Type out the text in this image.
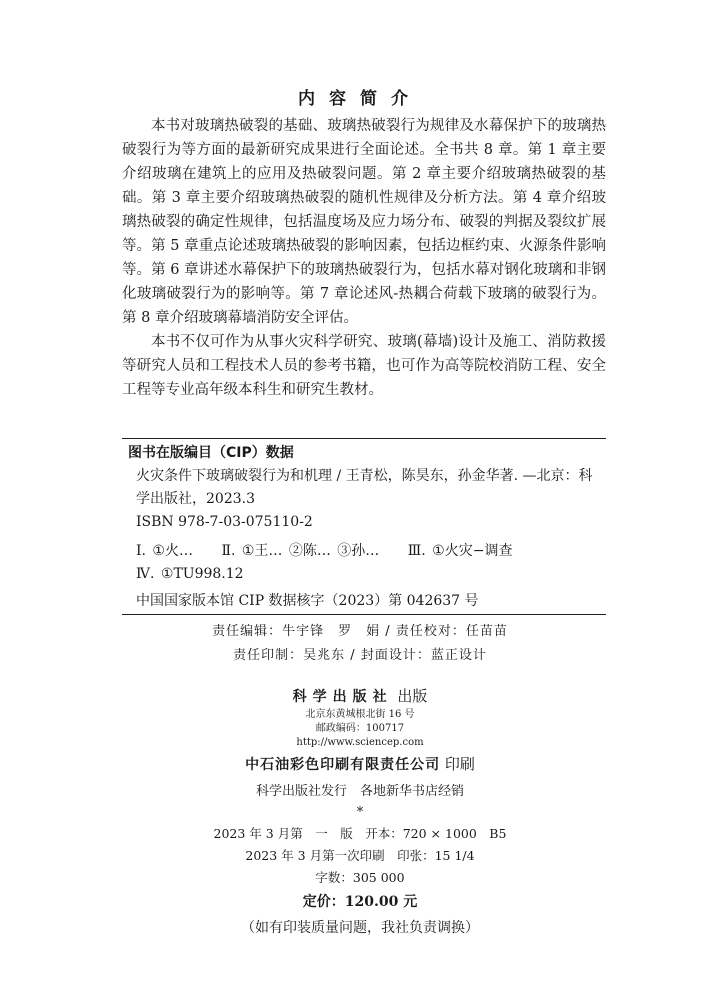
内容简介

本书对玻璃热破裂的基础、玻璃热破裂行为规律及水幕保护下的玻璃热破裂行为等方面的最新研究成果进行全面论述。全书共 8 章。第 1 章主要介绍玻璃在建筑上的应用及热破裂问题。第 2 章主要介绍玻璃热破裂的基础。第 3 章主要介绍玻璃热破裂的随机性规律及分析方法。第 4 章介绍玻璃热破裂的确定性规律，包括温度场及应力场分布、破裂的判据及裂纹扩展等。第 5 章重点论述玻璃热破裂的影响因素，包括边框约束、火源条件影响等。第 6 章讲述水幕保护下的玻璃热破裂行为，包括水幕对钢化玻璃和非钢化玻璃破裂行为的影响等。第 7 章论述风-热耦合荷载下玻璃的破裂行为。第 8 章介绍玻璃幕墙消防安全评估。

本书不仅可作为从事火灾科学研究、玻璃(幕墙)设计及施工、消防救援等研究人员和工程技术人员的参考书籍，也可作为高等院校消防工程、安全工程等专业高年级本科生和研究生教材。

图书在版编目（CIP）数据
火灾条件下玻璃破裂行为和机理 / 王青松，陈昊东，孙金华著. —北京：科学出版社，2023.3
ISBN 978-7-03-075110-2
Ⅰ. ①火… Ⅱ. ①王… ②陈… ③孙… Ⅲ. ①火灾−调查
Ⅳ. ①TU998.12
中国国家版本馆 CIP 数据核字（2023）第 042637 号
责任编辑：牛宇锋　罗　娟 / 责任校对：任苗苗
责任印制：吴兆东 / 封面设计：蓝正设计
科学出版社 出版
北京东黄城根北街 16 号
邮政编码：100717
http://www.sciencep.com
中石油彩色印刷有限责任公司 印刷
科学出版社发行　各地新华书店经销
*
2023 年 3 月第　一　版　开本：720 × 1000　B5
2023 年 3 月第一次印刷　印张：15 1/4
字数：305 000
定价：120.00 元
（如有印装质量问题，我社负责调换）
